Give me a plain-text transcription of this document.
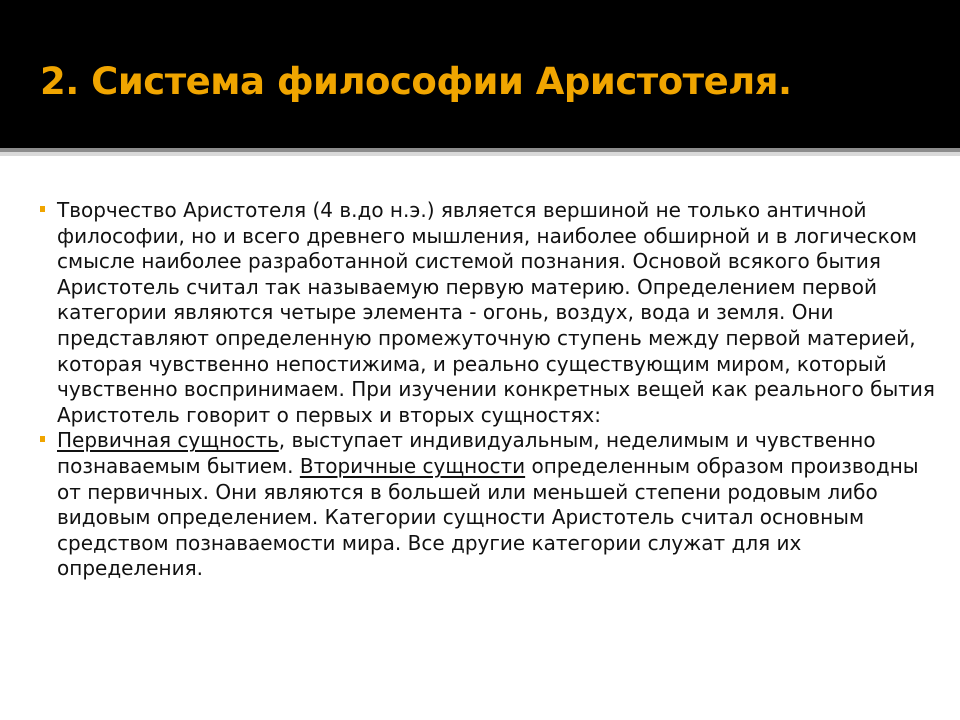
2. Система философии Аристотеля.

Творчество Аристотеля (4 в.до н.э.) является вершиной не только античной философии, но и всего древнего мышления, наиболее обширной и в логическом смысле наиболее разработанной системой познания. Основой всякого бытия Аристотель считал так называемую первую материю. Определением первой категории являются четыре элемента - огонь, воздух, вода и земля. Они представляют определенную промежуточную ступень между первой материей, которая чувственно непостижима, и реально существующим миром, который чувственно воспринимаем. При изучении конкретных вещей как реального бытия Аристотель говорит о первых и вторых сущностях:

Первичная сущность, выступает индивидуальным, неделимым и чувственно познаваемым бытием. Вторичные сущности определенным образом производны от первичных. Они являются в большей или меньшей степени родовым либо видовым определением. Категории сущности Аристотель считал основным средством познаваемости мира. Все другие категории служат для их определения.
